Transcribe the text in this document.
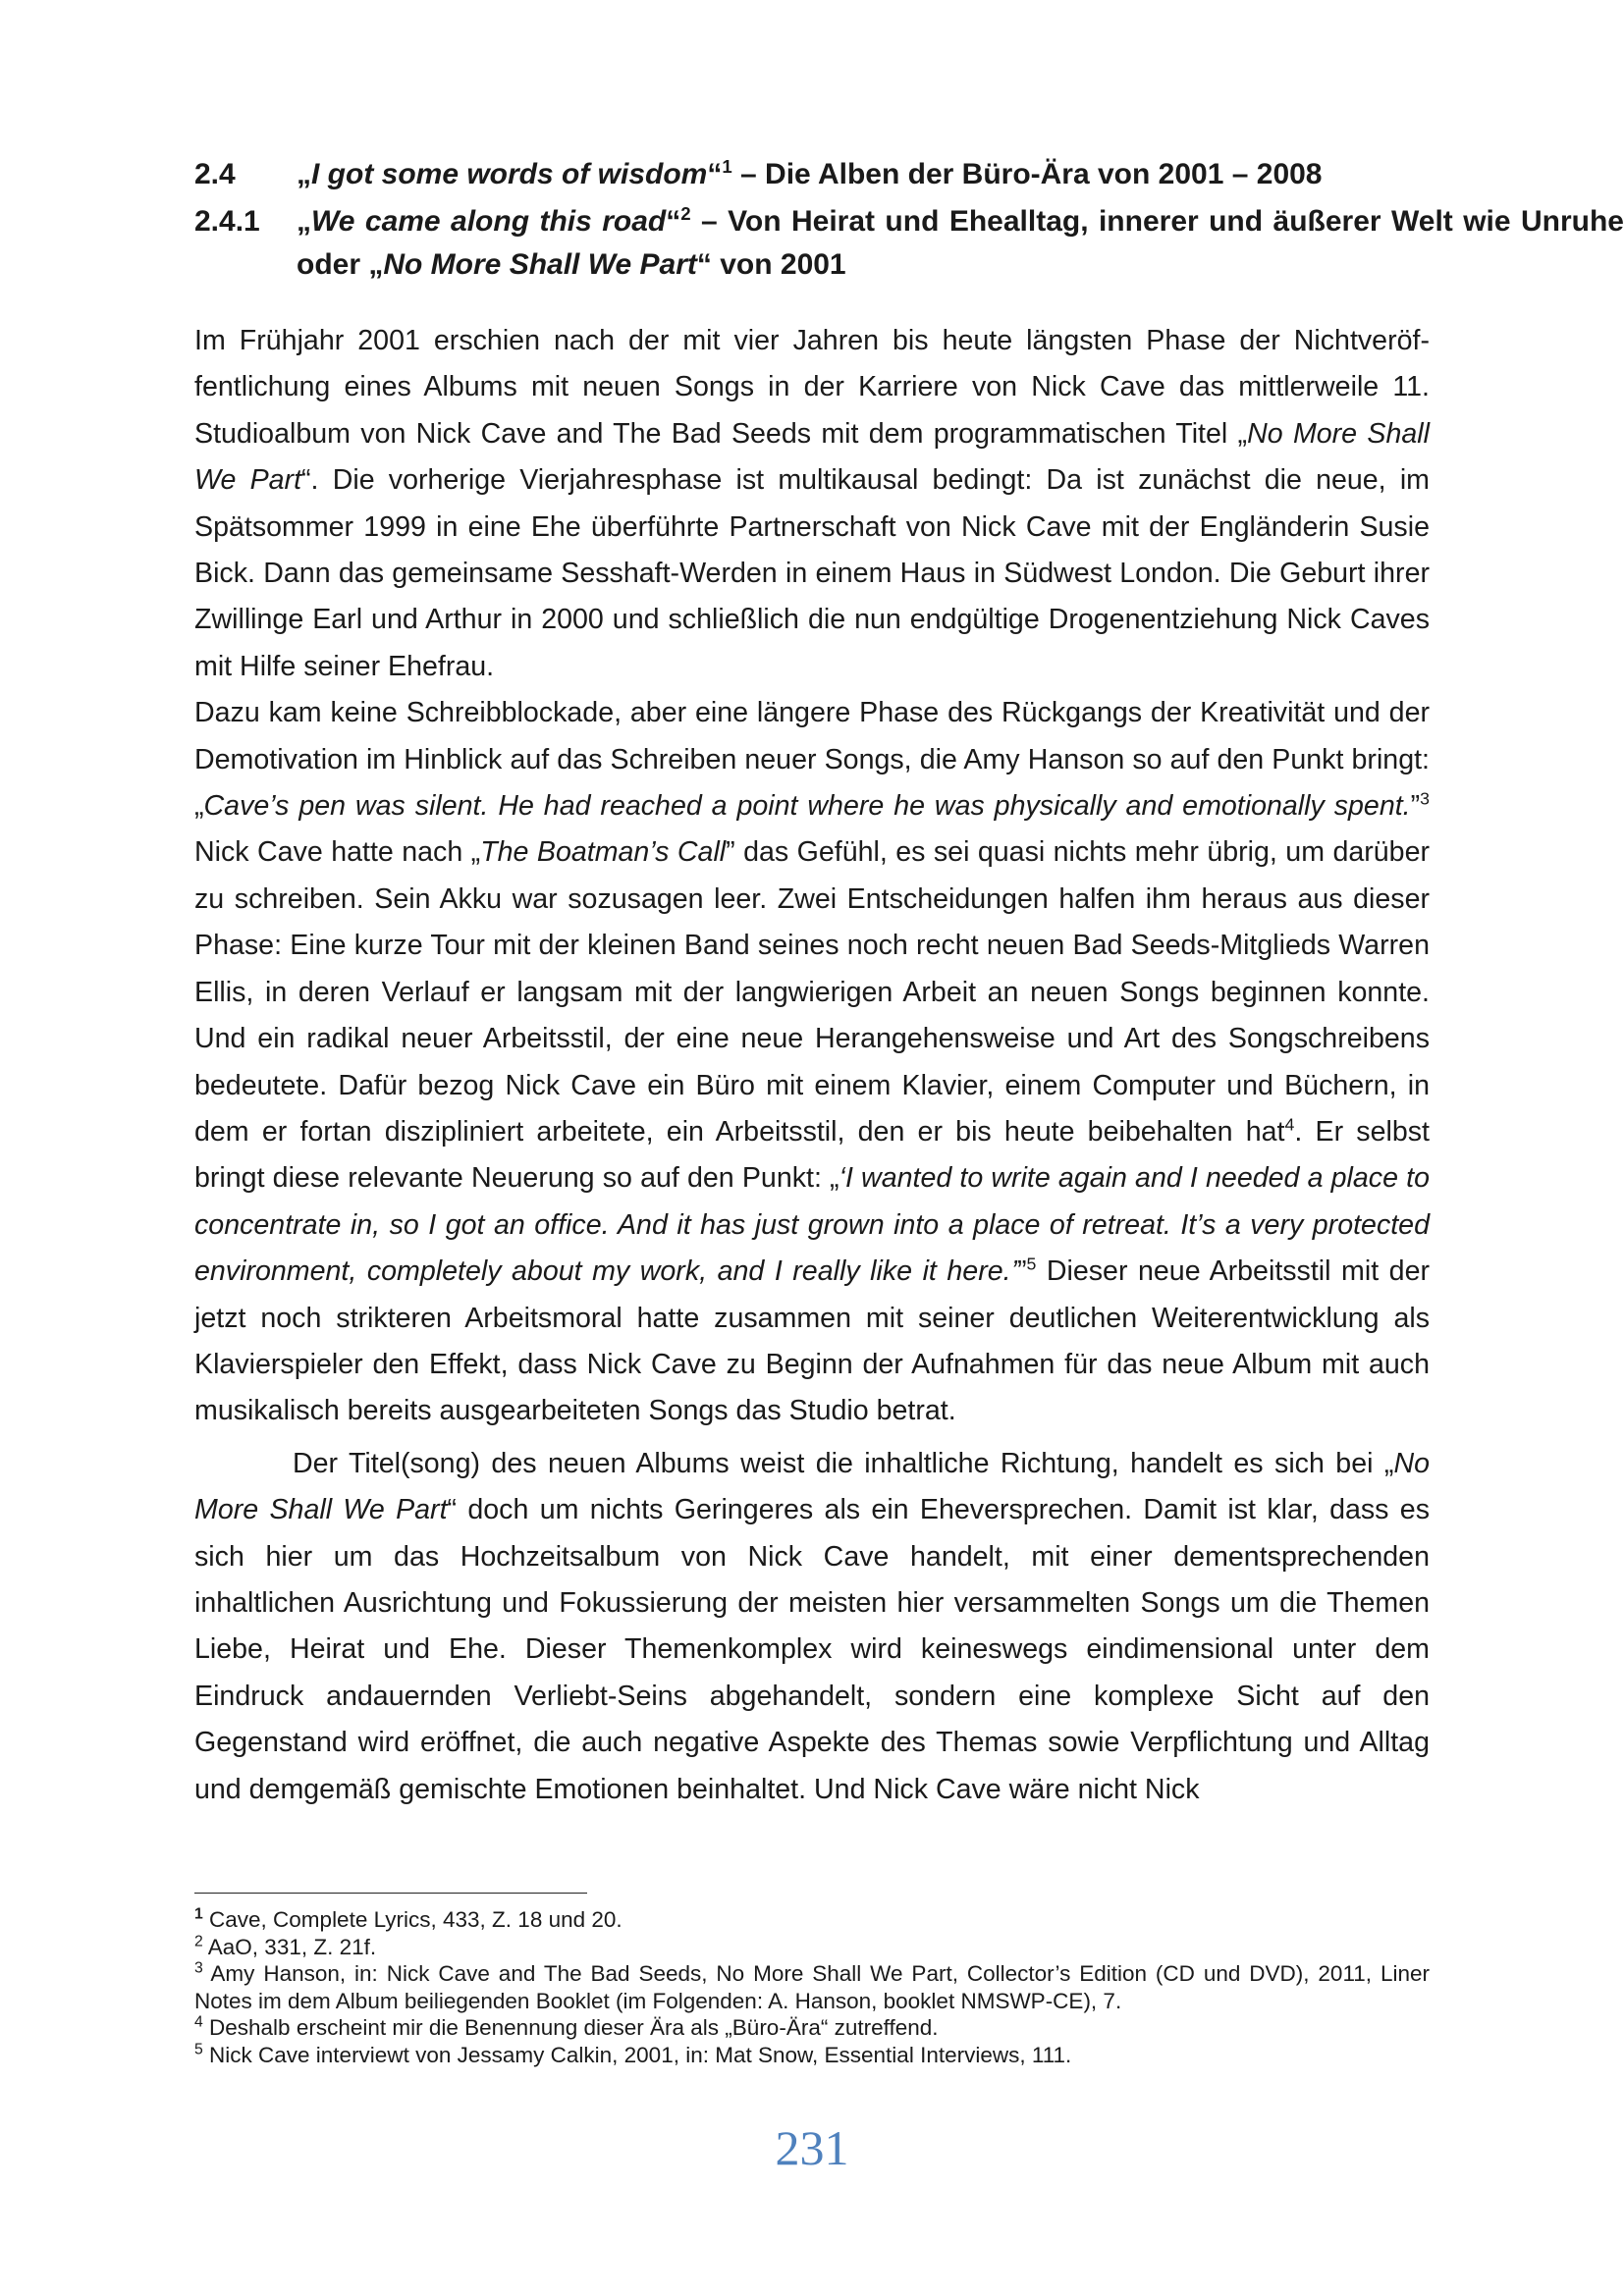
2.4 „I got some words of wisdom“$^1$ – Die Alben der Büro-Ära von 2001 – 2008
2.4.1 „We came along this road“$^2$ – Von Heirat und Ehealltag, innerer und äußerer Welt wie Unruhe oder „No More Shall We Part“ von 2001

Im Frühjahr 2001 erschien nach der mit vier Jahren bis heute längsten Phase der Nichtveröffentlichung eines Albums mit neuen Songs in der Karriere von Nick Cave das mittlerweile 11. Studioalbum von Nick Cave and The Bad Seeds mit dem programmatischen Titel „No More Shall We Part“. Die vorherige Vierjahresphase ist multikausal bedingt: Da ist zunächst die neue, im Spätsommer 1999 in eine Ehe überführte Partnerschaft von Nick Cave mit der Engländerin Susie Bick. Dann das gemeinsame Sesshaft-Werden in einem Haus in Südwest London. Die Geburt ihrer Zwillinge Earl und Arthur in 2000 und schließlich die nun endgültige Drogenentziehung Nick Caves mit Hilfe seiner Ehefrau.

Dazu kam keine Schreibblockade, aber eine längere Phase des Rückgangs der Kreativität und der Demotivation im Hinblick auf das Schreiben neuer Songs, die Amy Hanson so auf den Punkt bringt: „Cave’s pen was silent. He had reached a point where he was physically and emotionally spent.”$^3$ Nick Cave hatte nach „The Boatman’s Call” das Gefühl, es sei quasi nichts mehr übrig, um darüber zu schreiben. Sein Akku war sozusagen leer. Zwei Entscheidungen halfen ihm heraus aus dieser Phase: Eine kurze Tour mit der kleinen Band seines noch recht neuen Bad Seeds-Mitglieds Warren Ellis, in deren Verlauf er langsam mit der langwierigen Arbeit an neuen Songs beginnen konnte. Und ein radikal neuer Arbeitsstil, der eine neue Herangehensweise und Art des Songschreibens bedeutete. Dafür bezog Nick Cave ein Büro mit einem Klavier, einem Computer und Büchern, in dem er fortan diszipliniert arbeitete, ein Arbeitsstil, den er bis heute beibehalten hat$^4$. Er selbst bringt diese relevante Neuerung so auf den Punkt: „‘I wanted to write again and I needed a place to concentrate in, so I got an office. And it has just grown into a place of retreat. It’s a very protected environment, completely about my work, and I really like it here.’”$^5$ Dieser neue Arbeitsstil mit der jetzt noch strikteren Arbeitsmoral hatte zusammen mit seiner deutlichen Weiterentwicklung als Klavierspieler den Effekt, dass Nick Cave zu Beginn der Aufnahmen für das neue Album mit auch musikalisch bereits ausgearbeiteten Songs das Studio betrat.

Der Titel(song) des neuen Albums weist die inhaltliche Richtung, handelt es sich bei „No More Shall We Part“ doch um nichts Geringeres als ein Eheversprechen. Damit ist klar, dass es sich hier um das Hochzeitsalbum von Nick Cave handelt, mit einer dementsprechenden inhaltlichen Ausrichtung und Fokussierung der meisten hier versammelten Songs um die Themen Liebe, Heirat und Ehe. Dieser Themenkomplex wird keineswegs eindimensional unter dem Eindruck andauernden Verliebt-Seins abgehandelt, sondern eine komplexe Sicht auf den Gegenstand wird eröffnet, die auch negative Aspekte des Themas sowie Verpflichtung und Alltag und demgemäß gemischte Emotionen beinhaltet. Und Nick Cave wäre nicht Nick

$^1$ Cave, Complete Lyrics, 433, Z. 18 und 20.

$^2$ AaO, 331, Z. 21f.

$^3$ Amy Hanson, in: Nick Cave and The Bad Seeds, No More Shall We Part, Collector’s Edition (CD und DVD), 2011, Liner Notes im dem Album beiliegenden Booklet (im Folgenden: A. Hanson, booklet NMSWP-CE), 7.

$^4$ Deshalb erscheint mir die Benennung dieser Ära als „Büro-Ära“ zutreffend.

$^5$ Nick Cave interviewt von Jessamy Calkin, 2001, in: Mat Snow, Essential Interviews, 111.

231
